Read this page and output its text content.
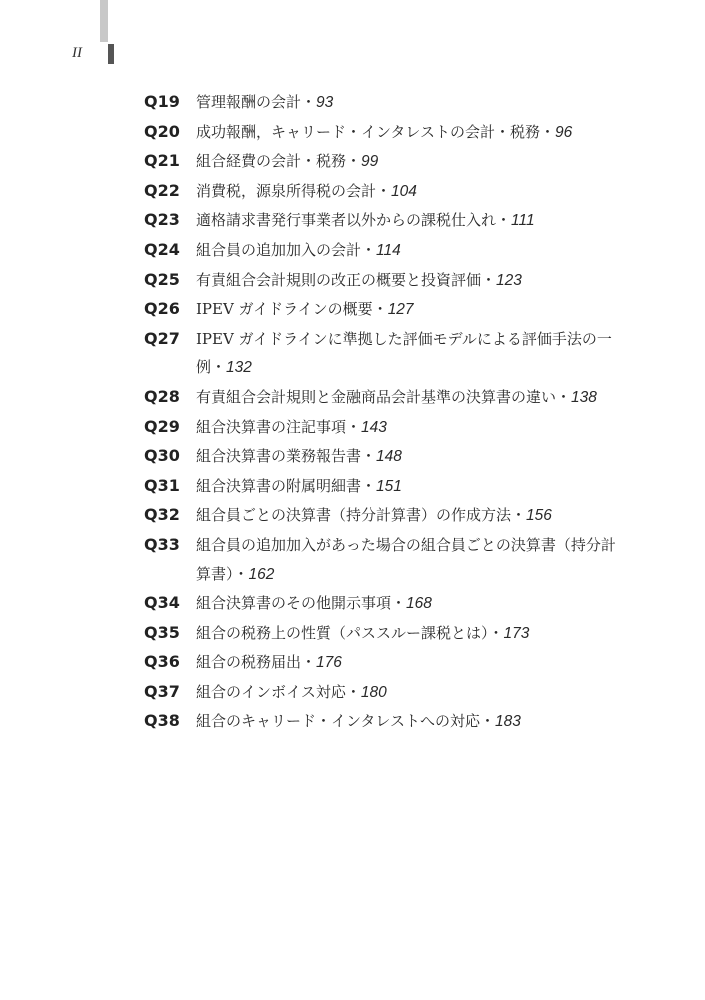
II
Q19	管理報酬の会計・93
Q20	成功報酬，キャリード・インタレストの会計・税務・96
Q21	組合経費の会計・税務・99
Q22	消費税，源泉所得税の会計・104
Q23	適格請求書発行事業者以外からの課税仕入れ・111
Q24	組合員の追加加入の会計・114
Q25	有責組合会計規則の改正の概要と投資評価・123
Q26	IPEV ガイドラインの概要・127
Q27	IPEV ガイドラインに準拠した評価モデルによる評価手法の一例・132
Q28	有責組合会計規則と金融商品会計基準の決算書の違い・138
Q29	組合決算書の注記事項・143
Q30	組合決算書の業務報告書・148
Q31	組合決算書の附属明細書・151
Q32	組合員ごとの決算書（持分計算書）の作成方法・156
Q33	組合員の追加加入があった場合の組合員ごとの決算書（持分計算書）・162
Q34	組合決算書のその他開示事項・168
Q35	組合の税務上の性質（パススルー課税とは）・173
Q36	組合の税務届出・176
Q37	組合のインボイス対応・180
Q38	組合のキャリード・インタレストへの対応・183
